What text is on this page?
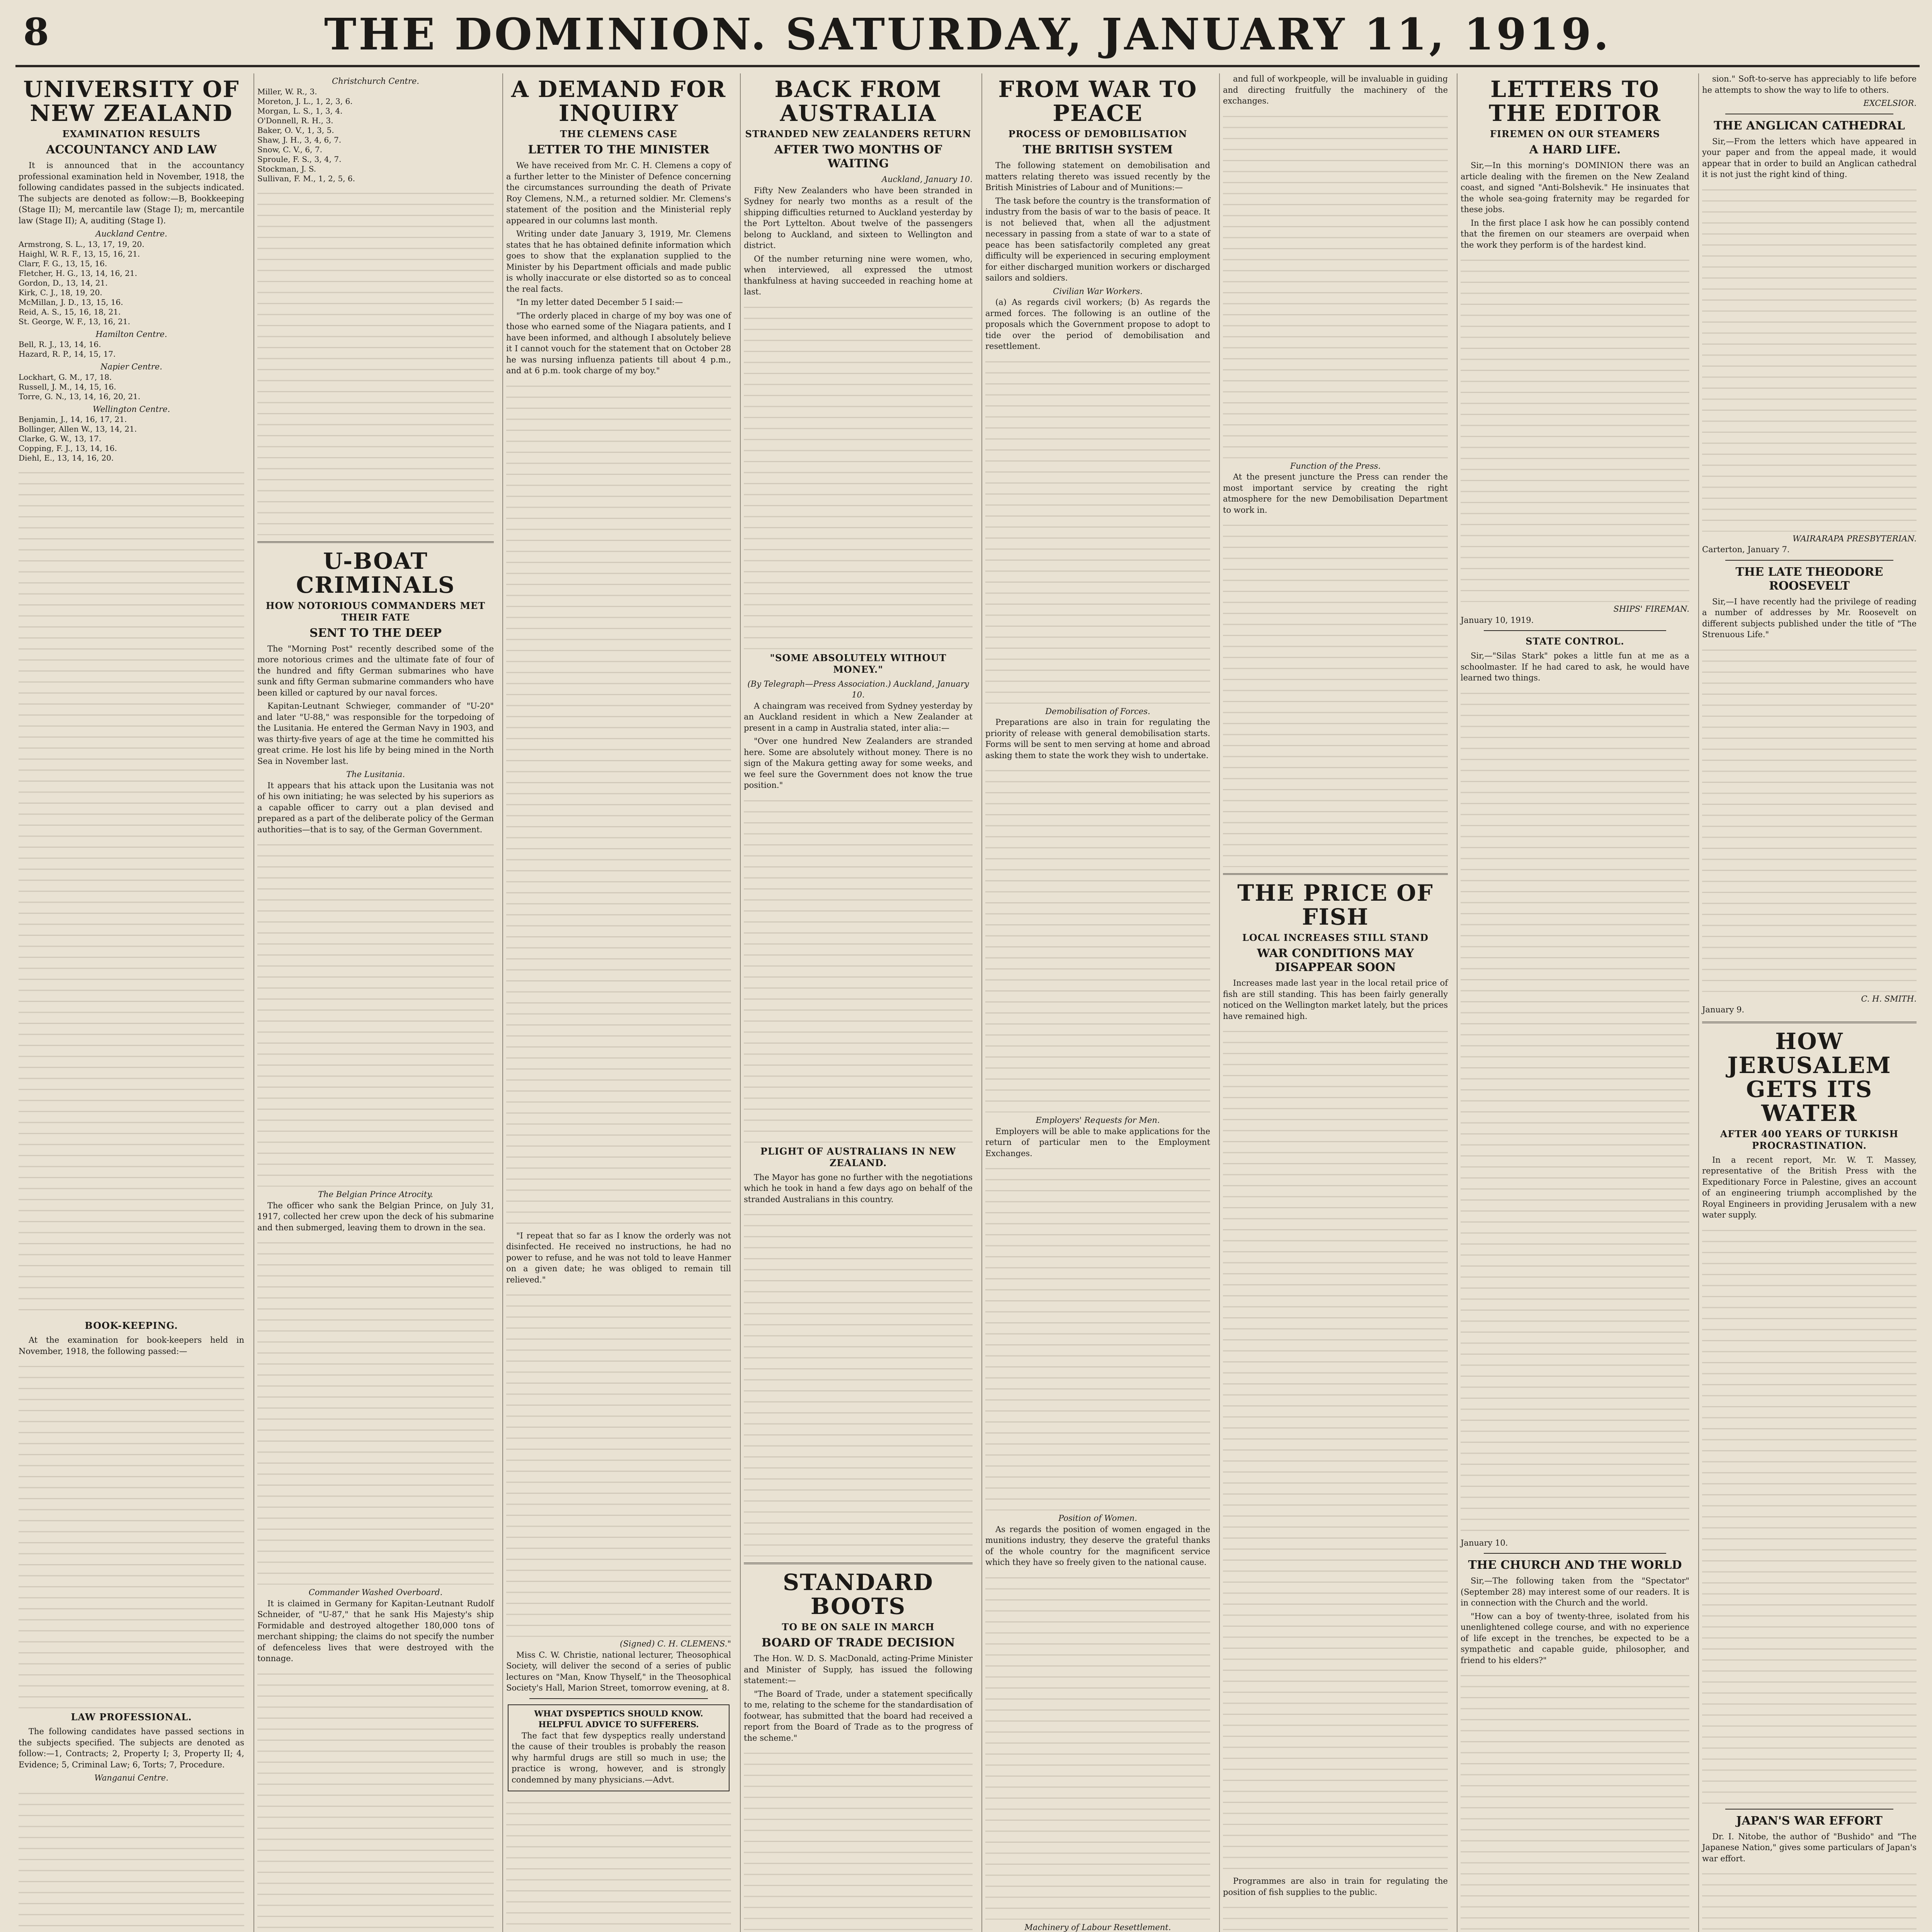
8	THE DOMINION. SATURDAY, JANUARY 11, 1919.
UNIVERSITY OF NEW ZEALAND
EXAMINATION RESULTS
ACCOUNTANCY AND LAW

It is announced that in the accountancy professional examination held in November, 1918, the following candidates passed in the subjects indicated. The subjects are denoted as follow:—B, Bookkeeping (Stage II); M, mercantile law (Stage I); m, mercantile law (Stage II); A, auditing (Stage I).

Auckland Centre.
Armstrong, S. L., 13, 17, 19, 20.
Haighl, W. R. F., 13, 15, 16, 21.
Clarr, F. G., 13, 15, 16.
Fletcher, H. G., 13, 14, 16, 21.
Gordon, D., 13, 14, 21.
Kirk, C. J., 18, 19, 20.
McMillan, J. D., 13, 15, 16.
Reid, A. S., 15, 16, 18, 21.
St. George, W. F., 13, 16, 21.
Hamilton Centre.
Bell, R. J., 13, 14, 16.
Hazard, R. P., 14, 15, 17.
Napier Centre.
Lockhart, G. M., 17, 18.
Russell, J. M., 14, 15, 16.
Torre, G. N., 13, 14, 16, 20, 21.
Wellington Centre.
Benjamin, J., 14, 16, 17, 21.
Bollinger, Allen W., 13, 14, 21.
Clarke, G. W., 13, 17.
Copping, F. J., 13, 14, 16.
Diehl, E., 13, 14, 16, 20.
BOOK-KEEPING.

At the examination for book-keepers held in November, 1918, the following passed:—

LAW PROFESSIONAL.

The following candidates have passed sections in the subjects specified. The subjects are denoted as follow:—1, Contracts; 2, Property I; 3, Property II; 4, Evidence; 5, Criminal Law; 6, Torts; 7, Procedure.

Wanganui Centre.
Christchurch Centre.
Miller, W. R., 3.
Moreton, J. L., 1, 2, 3, 6.
Morgan, L. S., 1, 3, 4.
O'Donnell, R. H., 3.
Baker, O. V., 1, 3, 5.
Shaw, J. H., 3, 4, 6, 7.
Snow, C. V., 6, 7.
Sproule, F. S., 3, 4, 7.
Stockman, J. S.
Sullivan, F. M., 1, 2, 5, 6.
U-BOAT CRIMINALS
HOW NOTORIOUS COMMANDERS MET THEIR FATE
SENT TO THE DEEP

The "Morning Post" recently described some of the more notorious crimes and the ultimate fate of four of the hundred and fifty German submarines who have sunk and fifty German submarine commanders who have been killed or captured by our naval forces.

Kapitan-Leutnant Schwieger, commander of "U-20" and later "U-88," was responsible for the torpedoing of the Lusitania. He entered the German Navy in 1903, and was thirty-five years of age at the time he committed his great crime. He lost his life by being mined in the North Sea in November last.

The Lusitania.

It appears that his attack upon the Lusitania was not of his own initiating; he was selected by his superiors as a capable officer to carry out a plan devised and prepared as a part of the deliberate policy of the German authorities—that is to say, of the German Government.

The Belgian Prince Atrocity.

The officer who sank the Belgian Prince, on July 31, 1917, collected her crew upon the deck of his submarine and then submerged, leaving them to drown in the sea.

Commander Washed Overboard.

It is claimed in Germany for Kapitan-Leutnant Rudolf Schneider, of "U-87," that he sank His Majesty's ship Formidable and destroyed altogether 180,000 tons of merchant shipping; the claims do not specify the number of defenceless lives that were destroyed with the tonnage.

A DEMAND FOR INQUIRY
THE CLEMENS CASE
LETTER TO THE MINISTER

We have received from Mr. C. H. Clemens a copy of a further letter to the Minister of Defence concerning the circumstances surrounding the death of Private Roy Clemens, N.M., a returned soldier. Mr. Clemens's statement of the position and the Ministerial reply appeared in our columns last month.

Writing under date January 3, 1919, Mr. Clemens states that he has obtained definite information which goes to show that the explanation supplied to the Minister by his Department officials and made public is wholly inaccurate or else distorted so as to conceal the real facts.

"In my letter dated December 5 I said:—

"The orderly placed in charge of my boy was one of those who earned some of the Niagara patients, and I have been informed, and although I absolutely believe it I cannot vouch for the statement that on October 28 he was nursing influenza patients till about 4 p.m., and at 6 p.m. took charge of my boy."

"I repeat that so far as I know the orderly was not disinfected. He received no instructions, he had no power to refuse, and he was not told to leave Hanmer on a given date; he was obliged to remain till relieved."

(Signed) C. H. CLEMENS."

Miss C. W. Christie, national lecturer, Theosophical Society, will deliver the second of a series of public lectures on "Man, Know Thyself," in the Theosophical Society's Hall, Marion Street, tomorrow evening, at 8.

WHAT DYSPEPTICS SHOULD KNOW.
HELPFUL ADVICE TO SUFFERERS.

The fact that few dyspeptics really understand the cause of their troubles is probably the reason why harmful drugs are still so much in use; the practice is wrong, however, and is strongly condemned by many physicians.—Advt.

BACK FROM AUSTRALIA
STRANDED NEW ZEALANDERS RETURN
AFTER TWO MONTHS OF WAITING
Auckland, January 10.

Fifty New Zealanders who have been stranded in Sydney for nearly two months as a result of the shipping difficulties returned to Auckland yesterday by the Port Lyttelton. About twelve of the passengers belong to Auckland, and sixteen to Wellington and district.

Of the number returning nine were women, who, when interviewed, all expressed the utmost thankfulness at having succeeded in reaching home at last.

"SOME ABSOLUTELY WITHOUT MONEY."
(By Telegraph—Press Association.) Auckland, January 10.

A chaingram was received from Sydney yesterday by an Auckland resident in which a New Zealander at present in a camp in Australia stated, inter alia:—

"Over one hundred New Zealanders are stranded here. Some are absolutely without money. There is no sign of the Makura getting away for some weeks, and we feel sure the Government does not know the true position."

PLIGHT OF AUSTRALIANS IN NEW ZEALAND.

The Mayor has gone no further with the negotiations which he took in hand a few days ago on behalf of the stranded Australians in this country.

STANDARD BOOTS
TO BE ON SALE IN MARCH
BOARD OF TRADE DECISION

The Hon. W. D. S. MacDonald, acting-Prime Minister and Minister of Supply, has issued the following statement:—

"The Board of Trade, under a statement specifically to me, relating to the scheme for the standardisation of footwear, has submitted that the board had received a report from the Board of Trade as to the progress of the scheme."

FROM WAR TO PEACE
PROCESS OF DEMOBILISATION
THE BRITISH SYSTEM

The following statement on demobilisation and matters relating thereto was issued recently by the British Ministries of Labour and of Munitions:—

The task before the country is the transformation of industry from the basis of war to the basis of peace. It is not believed that, when all the adjustment necessary in passing from a state of war to a state of peace has been satisfactorily completed any great difficulty will be experienced in securing employment for either discharged munition workers or discharged sailors and soldiers.

Civilian War Workers.

(a) As regards civil workers; (b) As regards the armed forces. The following is an outline of the proposals which the Government propose to adopt to tide over the period of demobilisation and resettlement.

Demobilisation of Forces.

Preparations are also in train for regulating the priority of release with general demobilisation starts. Forms will be sent to men serving at home and abroad asking them to state the work they wish to undertake.

Employers' Requests for Men.

Employers will be able to make applications for the return of particular men to the Employment Exchanges.

Position of Women.

As regards the position of women engaged in the munitions industry, they deserve the grateful thanks of the whole country for the magnificent service which they have so freely given to the national cause.

Machinery of Labour Resettlement.

and full of workpeople, will be invaluable in guiding and directing fruitfully the machinery of the exchanges.

Function of the Press.

At the present juncture the Press can render the most important service by creating the right atmosphere for the new Demobilisation Department to work in.

THE PRICE OF FISH
LOCAL INCREASES STILL STAND
WAR CONDITIONS MAY DISAPPEAR SOON

Increases made last year in the local retail price of fish are still standing. This has been fairly generally noticed on the Wellington market lately, but the prices have remained high.

Programmes are also in train for regulating the position of fish supplies to the public.

LETTERS TO THE EDITOR
FIREMEN ON OUR STEAMERS
A HARD LIFE.

Sir,—In this morning's DOMINION there was an article dealing with the firemen on the New Zealand coast, and signed "Anti-Bolshevik." He insinuates that the whole sea-going fraternity may be regarded for these jobs.

In the first place I ask how he can possibly contend that the firemen on our steamers are overpaid when the work they perform is of the hardest kind.

SHIPS' FIREMAN.
January 10, 1919.
STATE CONTROL.

Sir,—"Silas Stark" pokes a little fun at me as a schoolmaster. If he had cared to ask, he would have learned two things.

January 10.
THE CHURCH AND THE WORLD

Sir,—The following taken from the "Spectator" (September 28) may interest some of our readers. It is in connection with the Church and the world.

"How can a boy of twenty-three, isolated from his unenlightened college course, and with no experience of life except in the trenches, be expected to be a sympathetic and capable guide, philosopher, and friend to his elders?"

sion." Soft-to-serve has appreciably to life before he attempts to show the way to life to others.

EXCELSIOR.
THE ANGLICAN CATHEDRAL

Sir,—From the letters which have appeared in your paper and from the appeal made, it would appear that in order to build an Anglican cathedral it is not just the right kind of thing.

WAIRARAPA PRESBYTERIAN.
Carterton, January 7.
THE LATE THEODORE ROOSEVELT

Sir,—I have recently had the privilege of reading a number of addresses by Mr. Roosevelt on different subjects published under the title of "The Strenuous Life."

C. H. SMITH.
January 9.
HOW JERUSALEM GETS ITS WATER
AFTER 400 YEARS OF TURKISH PROCRASTINATION.

In a recent report, Mr. W. T. Massey, representative of the British Press with the Expeditionary Force in Palestine, gives an account of an engineering triumph accomplished by the Royal Engineers in providing Jerusalem with a new water supply.

JAPAN'S WAR EFFORT

Dr. I. Nitobe, the author of "Bushido" and "The Japanese Nation," gives some particulars of Japan's war effort.
